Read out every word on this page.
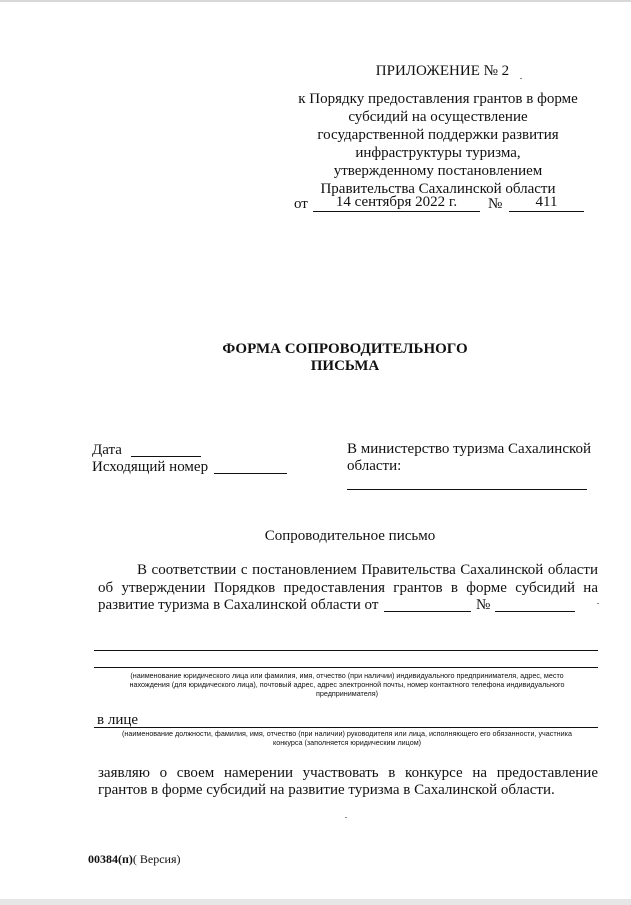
ПРИЛОЖЕНИЕ № 2
к Порядку предоставления грантов в форме
субсидий на осуществление
государственной поддержки развития
инфраструктуры туризма,
утвержденному постановлением
Правительства Сахалинской области
от	14 сентября 2022 г.	№	411
ФОРМА СОПРОВОДИТЕЛЬНОГО
ПИСЬМА
Дата
Исходящий номер
В министерство туризма Сахалинской
области:
Сопроводительное письмо
В соответствии с постановлением Правительства Сахалинской области
об утверждении Порядков предоставления грантов в форме субсидий на
развитие туризма в Сахалинской области от	№
(наименование юридического лица или фамилия, имя, отчество (при наличии) индивидуального предпринимателя, адрес, место
нахождения (для юридического лица), почтовый адрес, адрес электронной почты, номер контактного телефона индивидуального
предпринимателя)
в лице
(наименование должности, фамилия, имя, отчество (при наличии) руководителя или лица, исполняющего его обязанности, участника
конкурса (заполняется юридическим лицом)
заявляю о своем намерении участвовать в конкурсе на предоставление
грантов в форме субсидий на развитие туризма в Сахалинской области.
00384(п)( Версия)
